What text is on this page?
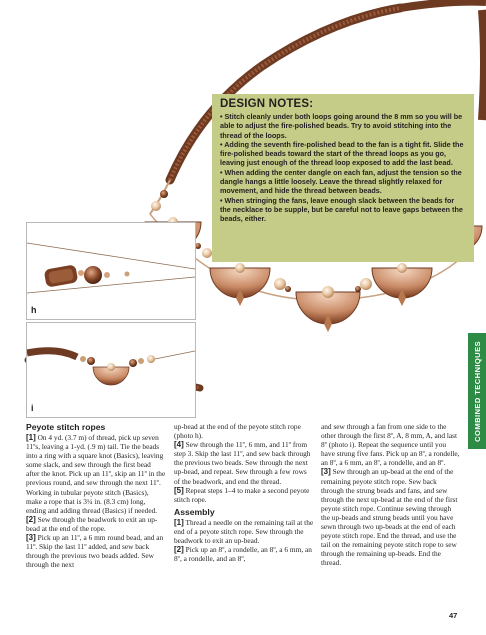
DESIGN NOTES:

• Stitch cleanly under both loops going around the 8 mm so you will be able to adjust the fire-polished beads. Try to avoid stitching into the thread of the loops.

• Adding the seventh fire-polished bead to the fan is a tight fit. Slide the fire-polished beads toward the start of the thread loops as you go, leaving just enough of the thread loop exposed to add the last bead.

• When adding the center dangle on each fan, adjust the tension so the dangle hangs a little loosely. Leave the thread slightly relaxed for movement, and hide the thread between beads.

• When stringing the fans, leave enough slack between the beads for the necklace to be supple, but be careful not to leave gaps between the beads, either.

h
i	COMBINED TECHNIQUES
Peyote stitch ropes

[1] On 4 yd. (3.7 m) of thread, pick up seven 11ºs, leaving a 1-yd. (.9 m) tail. Tie the beads into a ring with a square knot (Basics), leaving some slack, and sew through the first bead after the knot. Pick up an 11º, skip an 11º in the previous round, and sew through the next 11º. Working in tubular peyote stitch (Basics), make a rope that is 3¼ in. (8.3 cm) long, ending and adding thread (Basics) if needed.

[2] Sew through the beadwork to exit an up-bead at the end of the rope.

[3] Pick up an 11º, a 6 mm round bead, and an 11º. Skip the last 11º added, and sew back through the previous two beads added. Sew through the next

up-bead at the end of the peyote stitch rope (photo h).

[4] Sew through the 11º, 6 mm, and 11º from step 3. Skip the last 11º, and sew back through the previous two beads. Sew through the next up-bead, and repeat. Sew through a few rows of the beadwork, and end the thread.

[5] Repeat steps 1–4 to make a second peyote stitch rope.

Assembly

[1] Thread a needle on the remaining tail at the end of a peyote stitch rope. Sew through the beadwork to exit an up-bead.

[2] Pick up an 8º, a rondelle, an 8º, a 6 mm, an 8º, a rondelle, and an 8º,

and sew through a fan from one side to the other through the first 8º, A, 8 mm, A, and last 8º (photo i). Repeat the sequence until you have strung five fans. Pick up an 8º, a rondelle, an 8º, a 6 mm, an 8º, a rondelle, and an 8º.

[3] Sew through an up-bead at the end of the remaining peyote stitch rope. Sew back through the strung beads and fans, and sew through the next up-bead at the end of the first peyote stitch rope. Continue sewing through the up-beads and strung beads until you have sewn through two up-beads at the end of each peyote stitch rope. End the thread, and use the tail on the remaining peyote stitch rope to sew through the remaining up-beads. End the thread.

47
